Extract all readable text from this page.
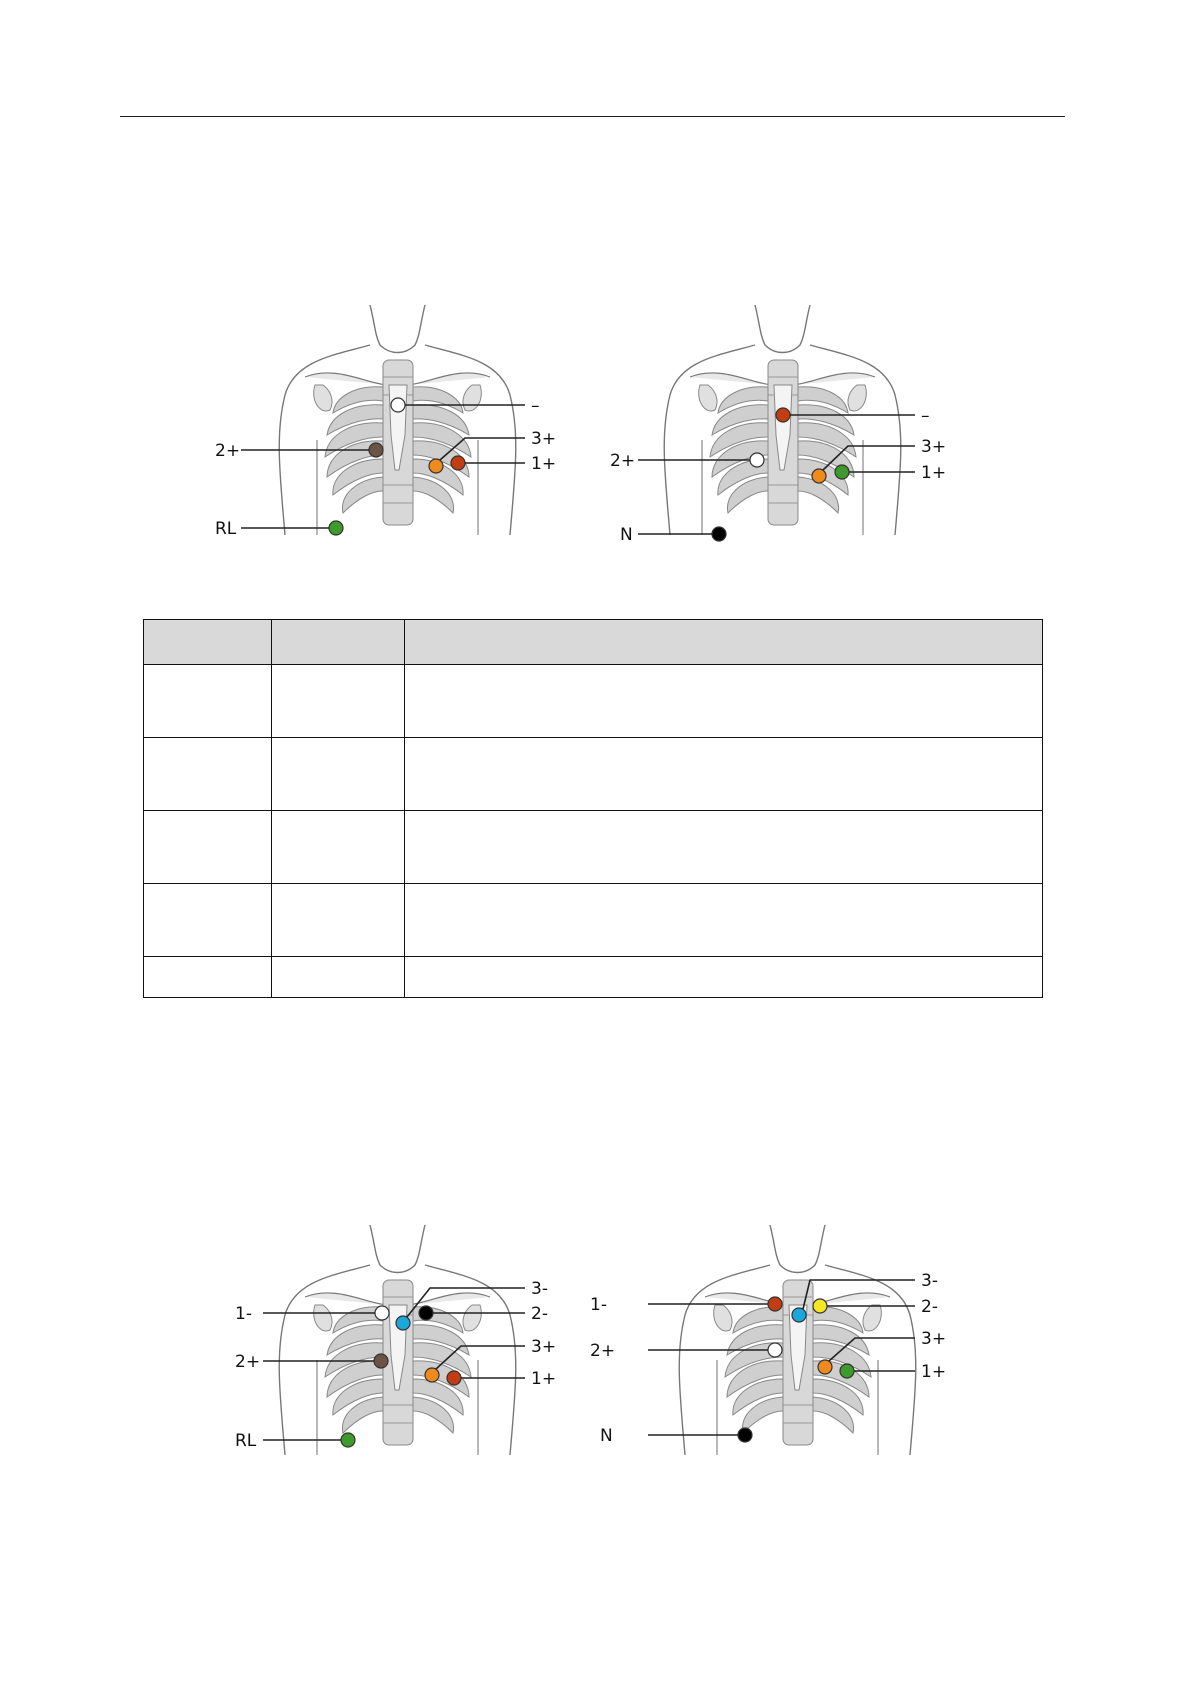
–
3+
2+
1+
RL
–
3+
2+
1+
N

3-
1-	2-
3+
2+
1+
RL
3-
1-	2-
3+
2+
1+
N
